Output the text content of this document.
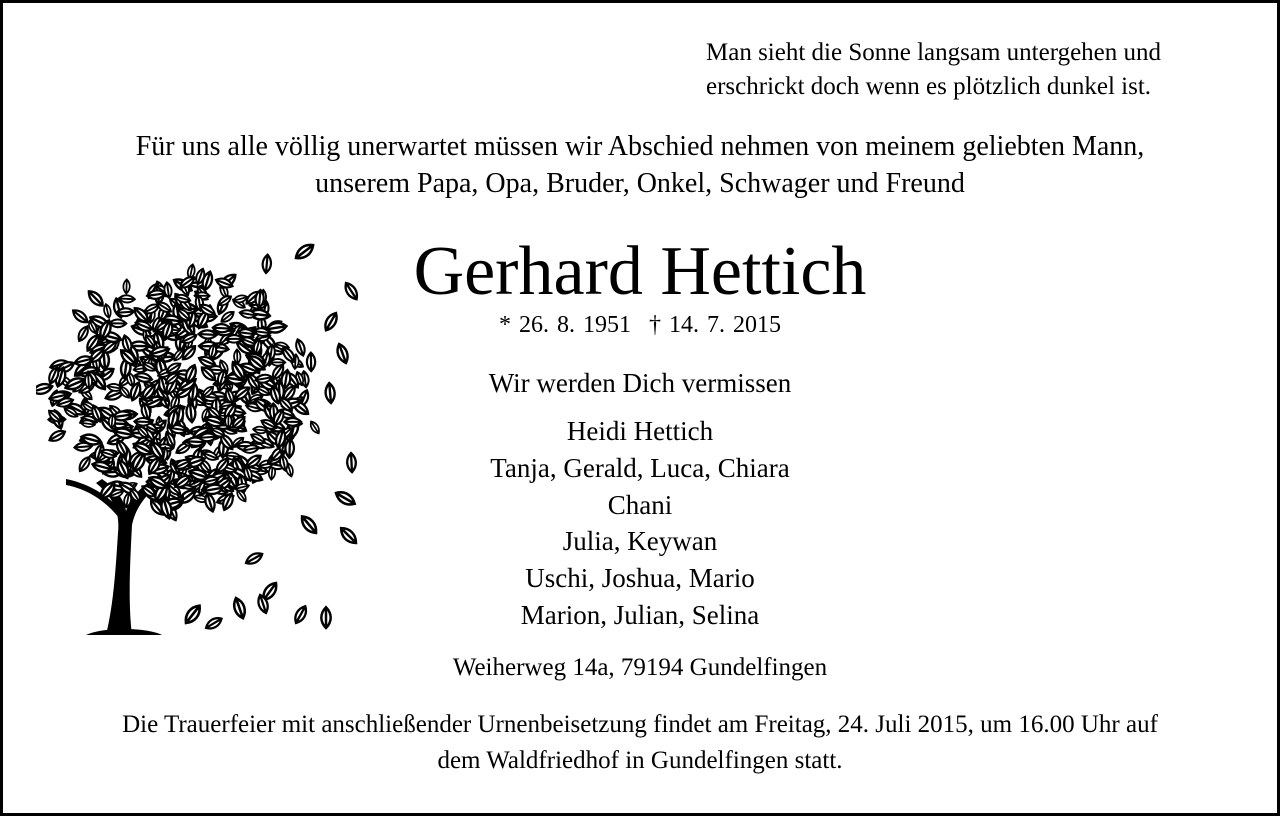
Man sieht die Sonne langsam untergehen und
erschrickt doch wenn es plötzlich dunkel ist.
Für uns alle völlig unerwartet müssen wir Abschied nehmen von meinem geliebten Mann,
unserem Papa, Opa, Bruder, Onkel, Schwager und Freund
Gerhard Hettich
* 26. 8. 1951 † 14. 7. 2015
Wir werden Dich vermissen
Heidi Hettich
Tanja, Gerald, Luca, Chiara
Chani
Julia, Keywan
Uschi, Joshua, Mario
Marion, Julian, Selina
Weiherweg 14a, 79194 Gundelfingen
Die Trauerfeier mit anschließender Urnenbeisetzung findet am Freitag, 24. Juli 2015, um 16.00 Uhr auf
dem Waldfriedhof in Gundelfingen statt.
